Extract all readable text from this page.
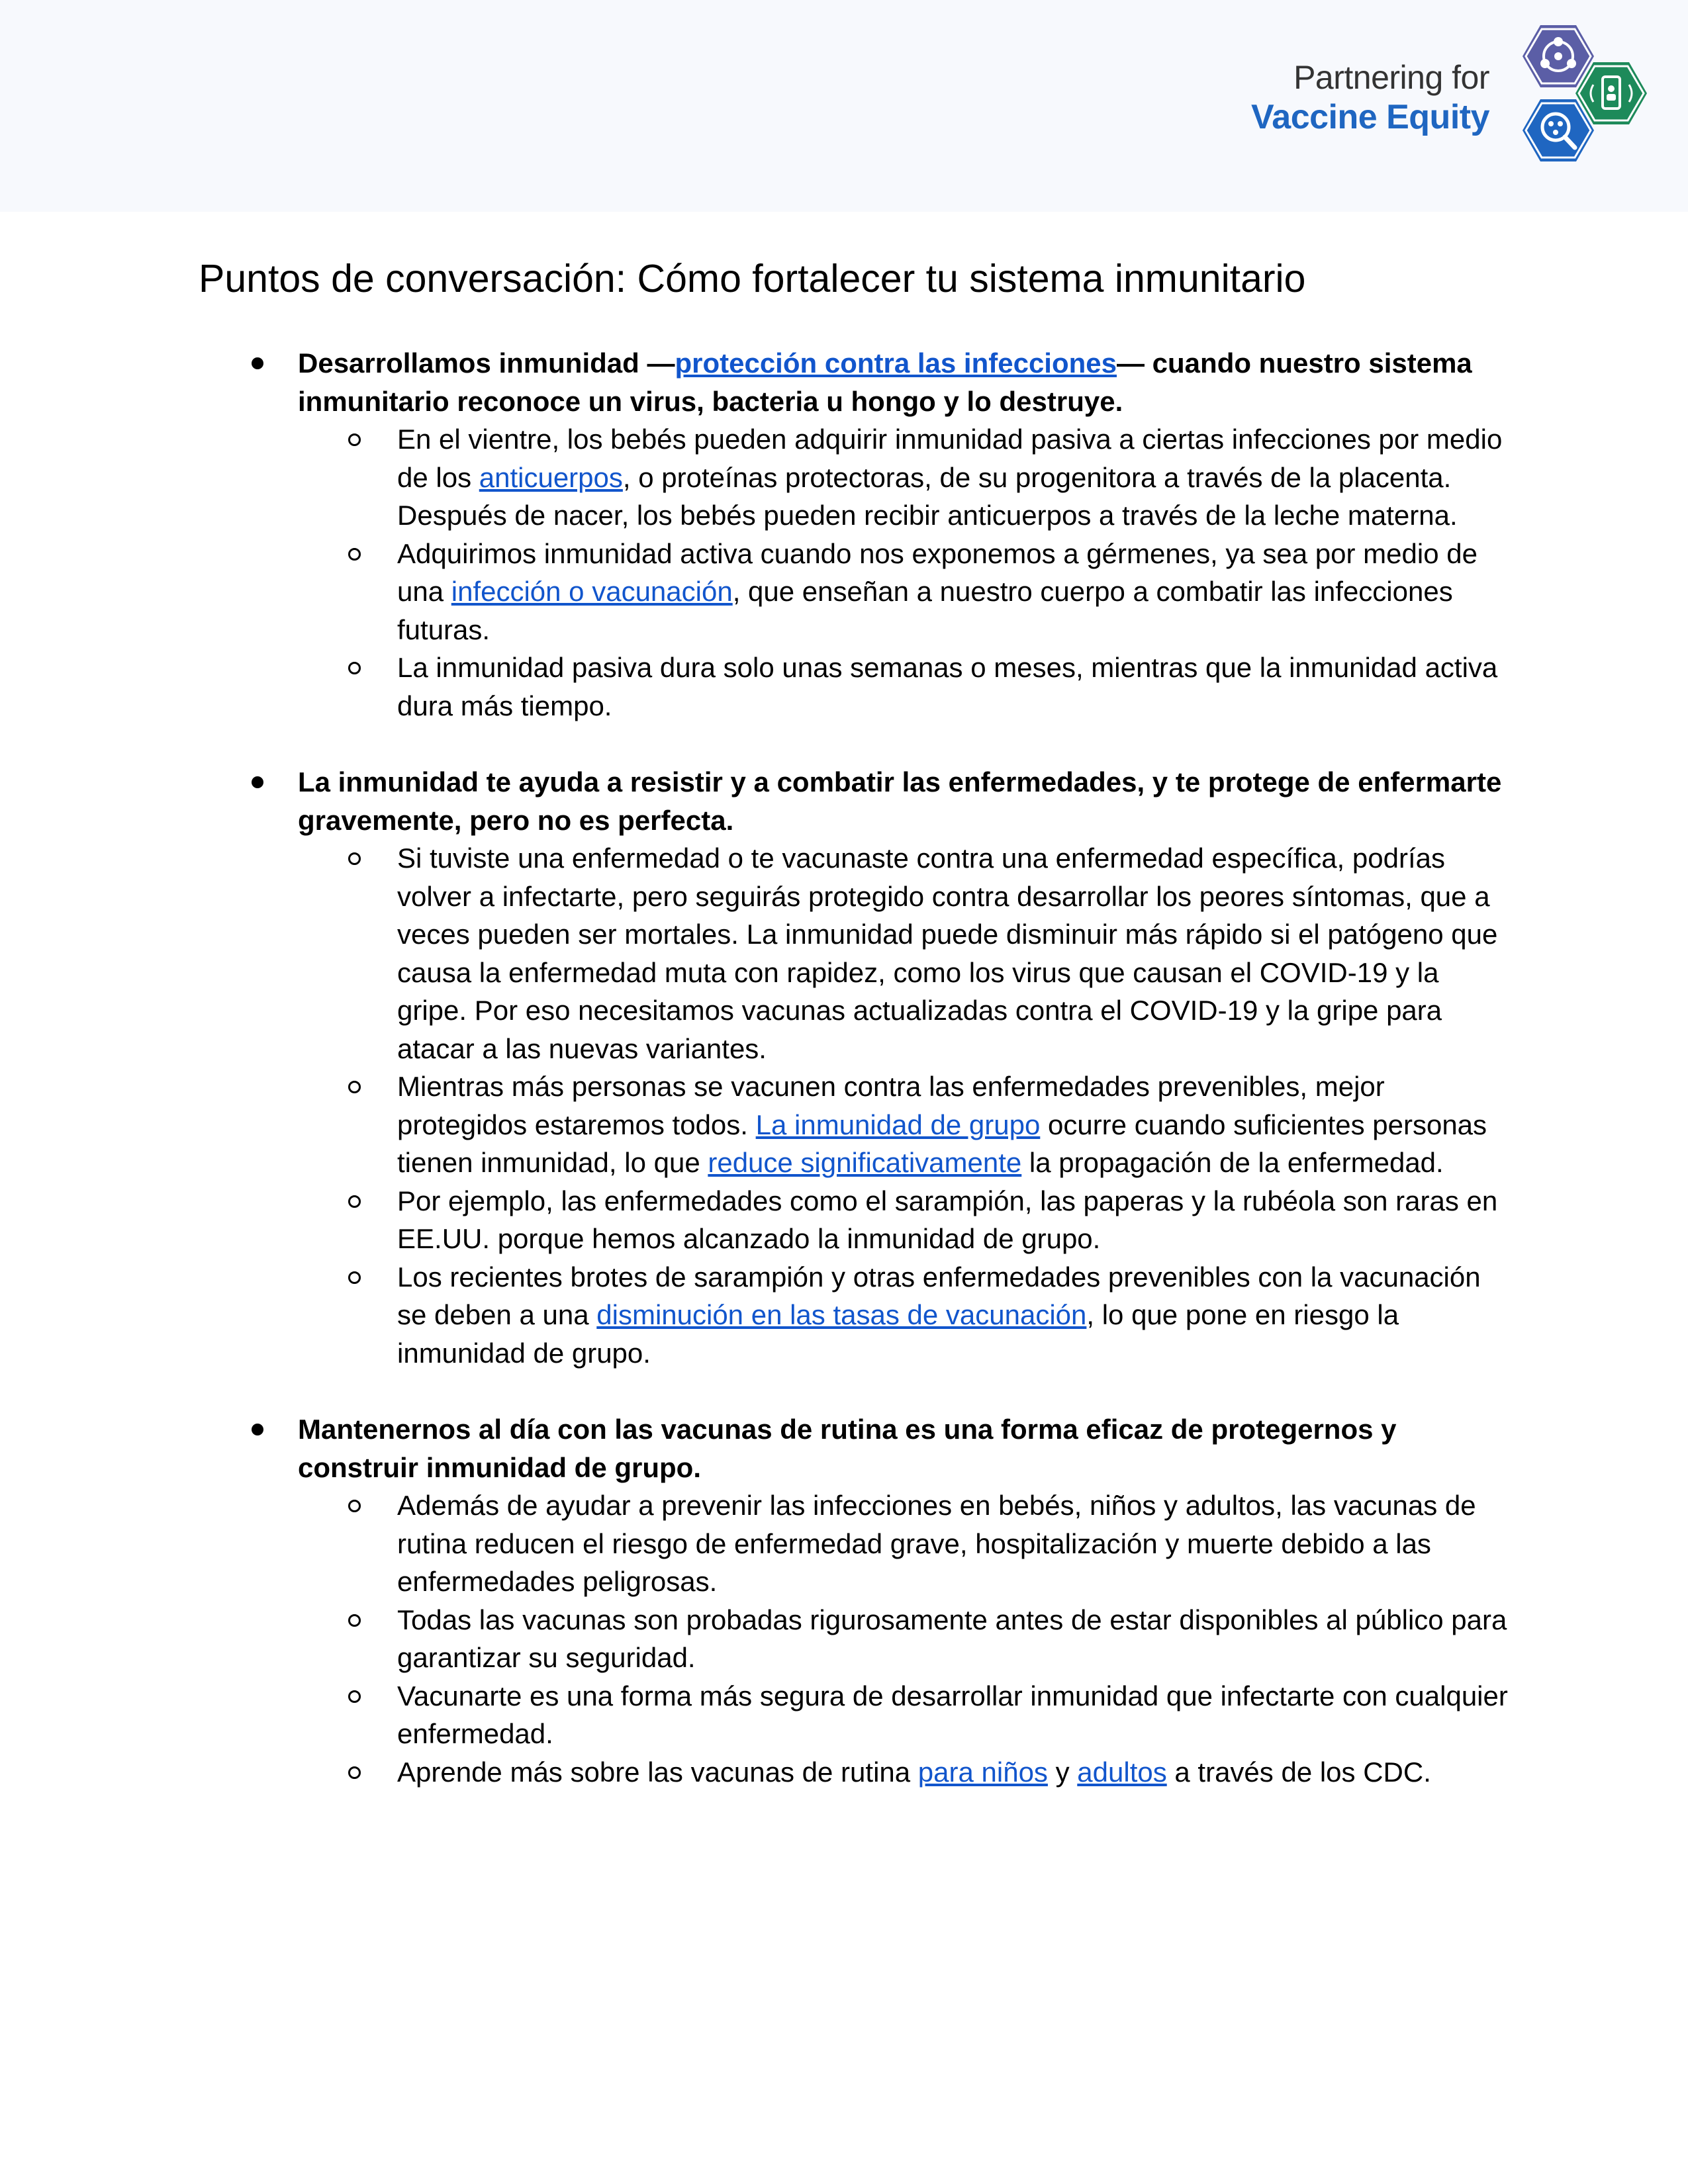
Partnering for
Vaccine Equity
Puntos de conversación: Cómo fortalecer tu sistema inmunitario

Desarrollamos inmunidad —protección contra las infecciones— cuando nuestro sistema inmunitario reconoce un virus, bacteria u hongo y lo destruye.

En el vientre, los bebés pueden adquirir inmunidad pasiva a ciertas infecciones por medio de los anticuerpos, o proteínas protectoras, de su progenitora a través de la placenta. Después de nacer, los bebés pueden recibir anticuerpos a través de la leche materna.
Adquirimos inmunidad activa cuando nos exponemos a gérmenes, ya sea por medio de una infección o vacunación, que enseñan a nuestro cuerpo a combatir las infecciones futuras.
La inmunidad pasiva dura solo unas semanas o meses, mientras que la inmunidad activa dura más tiempo.

La inmunidad te ayuda a resistir y a combatir las enfermedades, y te protege de enfermarte gravemente, pero no es perfecta.

Si tuviste una enfermedad o te vacunaste contra una enfermedad específica, podrías volver a infectarte, pero seguirás protegido contra desarrollar los peores síntomas, que a veces pueden ser mortales. La inmunidad puede disminuir más rápido si el patógeno que causa la enfermedad muta con rapidez, como los virus que causan el COVID-19 y la gripe. Por eso necesitamos vacunas actualizadas contra el COVID-19 y la gripe para atacar a las nuevas variantes.
Mientras más personas se vacunen contra las enfermedades prevenibles, mejor protegidos estaremos todos. La inmunidad de grupo ocurre cuando suficientes personas tienen inmunidad, lo que reduce significativamente la propagación de la enfermedad.
Por ejemplo, las enfermedades como el sarampión, las paperas y la rubéola son raras en EE.UU. porque hemos alcanzado la inmunidad de grupo.
Los recientes brotes de sarampión y otras enfermedades prevenibles con la vacunación se deben a una disminución en las tasas de vacunación, lo que pone en riesgo la inmunidad de grupo.

Mantenernos al día con las vacunas de rutina es una forma eficaz de protegernos y construir inmunidad de grupo.

Además de ayudar a prevenir las infecciones en bebés, niños y adultos, las vacunas de rutina reducen el riesgo de enfermedad grave, hospitalización y muerte debido a las enfermedades peligrosas.
Todas las vacunas son probadas rigurosamente antes de estar disponibles al público para garantizar su seguridad.
Vacunarte es una forma más segura de desarrollar inmunidad que infectarte con cualquier enfermedad.
Aprende más sobre las vacunas de rutina para niños y adultos a través de los CDC.
